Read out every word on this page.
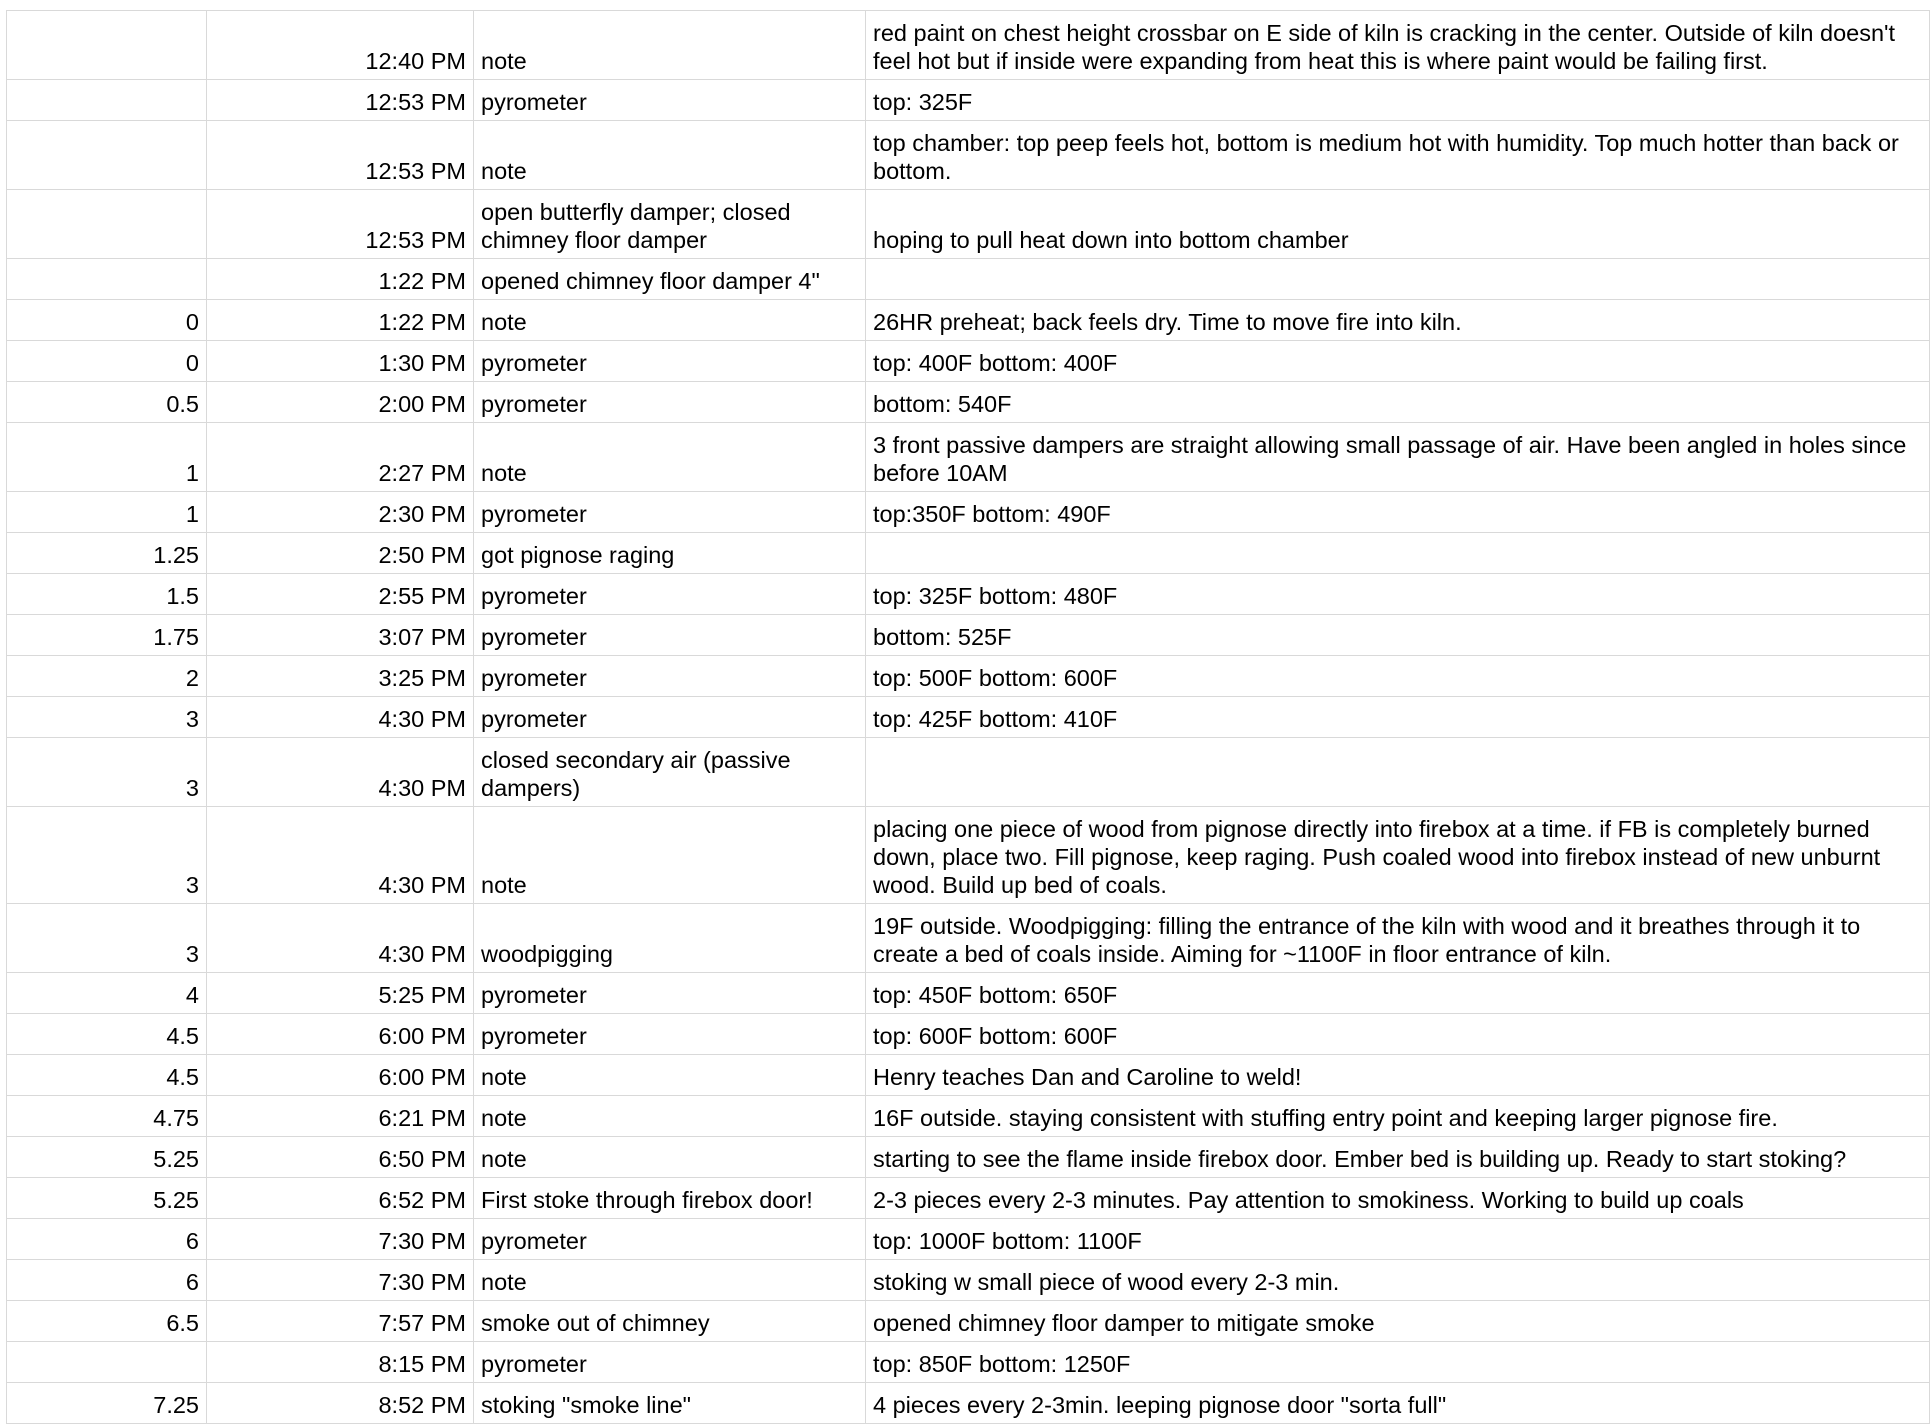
	12:40 PM	note	red paint on chest height crossbar on E side of kiln is cracking in the center. Outside of kiln doesn't feel hot but if inside were expanding from heat this is where paint would be failing first.
	12:53 PM	pyrometer	top: 325F
	12:53 PM	note	top chamber: top peep feels hot, bottom is medium hot with humidity. Top much hotter than back or bottom.
	12:53 PM	open butterfly damper; closed chimney floor damper	hoping to pull heat down into bottom chamber
	1:22 PM	opened chimney floor damper 4"	
0	1:22 PM	note	26HR preheat; back feels dry. Time to move fire into kiln.
0	1:30 PM	pyrometer	top: 400F bottom: 400F
0.5	2:00 PM	pyrometer	bottom: 540F
1	2:27 PM	note	3 front passive dampers are straight allowing small passage of air. Have been angled in holes since before 10AM
1	2:30 PM	pyrometer	top:350F bottom: 490F
1.25	2:50 PM	got pignose raging	
1.5	2:55 PM	pyrometer	top: 325F bottom: 480F
1.75	3:07 PM	pyrometer	bottom: 525F
2	3:25 PM	pyrometer	top: 500F bottom: 600F
3	4:30 PM	pyrometer	top: 425F bottom: 410F
3	4:30 PM	closed secondary air (passive dampers)	
3	4:30 PM	note	placing one piece of wood from pignose directly into firebox at a time. if FB is completely burned down, place two. Fill pignose, keep raging. Push coaled wood into firebox instead of new unburnt wood. Build up bed of coals.
3	4:30 PM	woodpigging	19F outside. Woodpigging: filling the entrance of the kiln with wood and it breathes through it to create a bed of coals inside. Aiming for ~1100F in floor entrance of kiln.
4	5:25 PM	pyrometer	top: 450F bottom: 650F
4.5	6:00 PM	pyrometer	top: 600F bottom: 600F
4.5	6:00 PM	note	Henry teaches Dan and Caroline to weld!
4.75	6:21 PM	note	16F outside. staying consistent with stuffing entry point and keeping larger pignose fire.
5.25	6:50 PM	note	starting to see the flame inside firebox door. Ember bed is building up. Ready to start stoking?
5.25	6:52 PM	First stoke through firebox door!	2-3 pieces every 2-3 minutes. Pay attention to smokiness. Working to build up coals
6	7:30 PM	pyrometer	top: 1000F bottom: 1100F
6	7:30 PM	note	stoking w small piece of wood every 2-3 min.
6.5	7:57 PM	smoke out of chimney	opened chimney floor damper to mitigate smoke
	8:15 PM	pyrometer	top: 850F bottom: 1250F
7.25	8:52 PM	stoking "smoke line"	4 pieces every 2-3min. leeping pignose door "sorta full"
